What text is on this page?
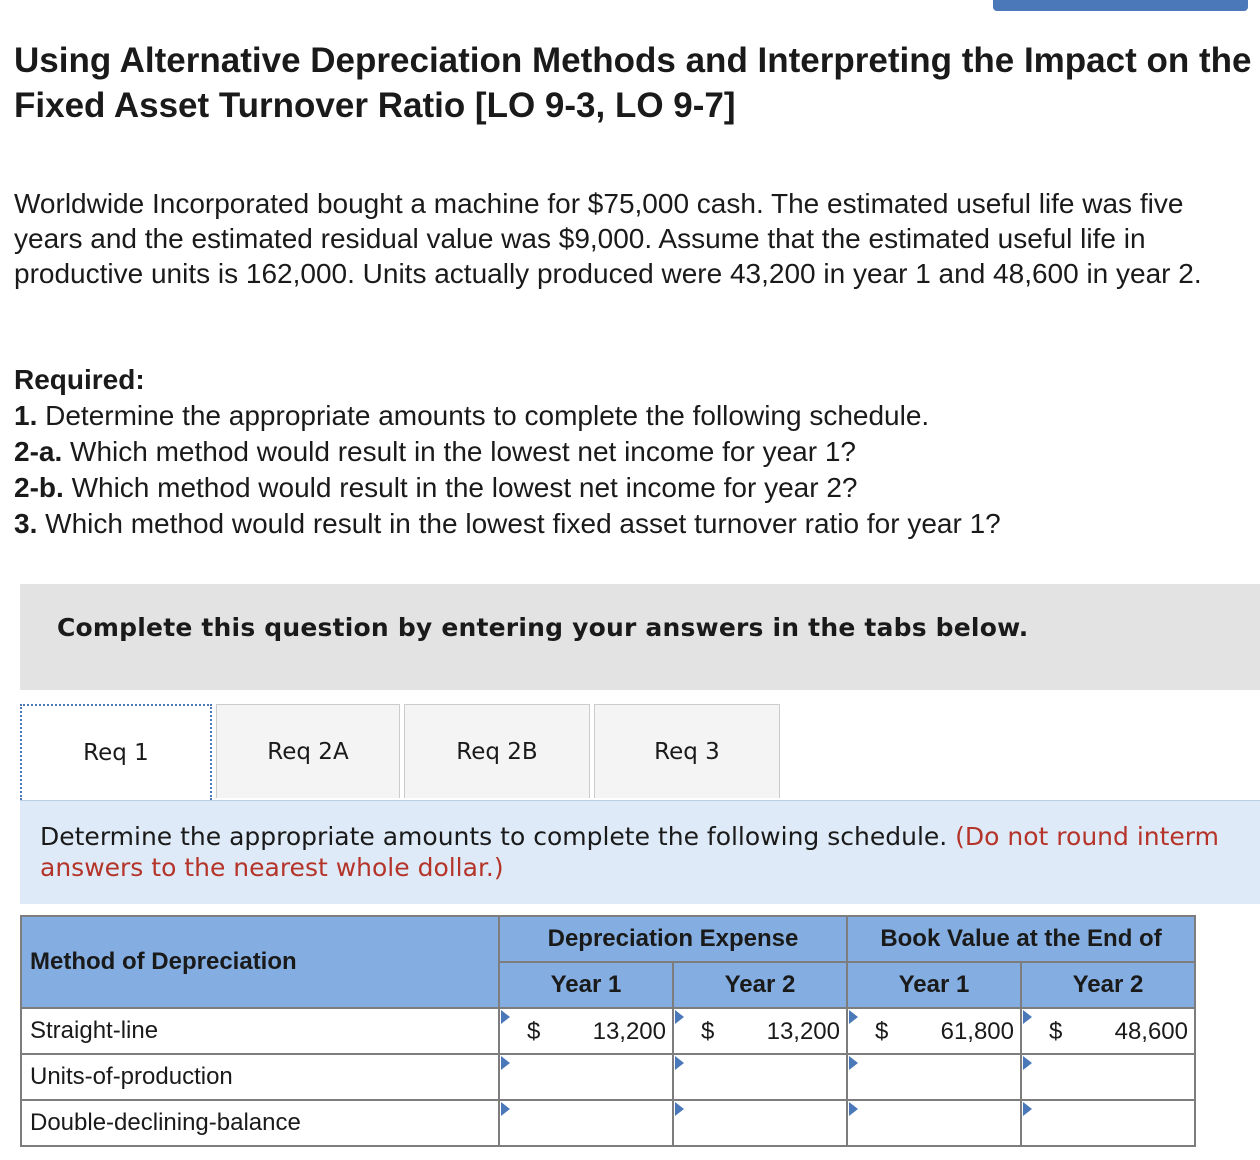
Using Alternative Depreciation Methods and Interpreting the Impact on the Fixed Asset Turnover Ratio [LO 9-3, LO 9-7]
Worldwide Incorporated bought a machine for $75,000 cash. The estimated useful life was five years and the estimated residual value was $9,000. Assume that the estimated useful life in productive units is 162,000. Units actually produced were 43,200 in year 1 and 48,600 in year 2.
Required:
1. Determine the appropriate amounts to complete the following schedule.
2-a. Which method would result in the lowest net income for year 1?
2-b. Which method would result in the lowest net income for year 2?
3. Which method would result in the lowest fixed asset turnover ratio for year 1?
Complete this question by entering your answers in the tabs below.
Req 1	Req 2A	Req 2B	Req 3
Determine the appropriate amounts to complete the following schedule. (Do not round interm
answers to the nearest whole dollar.)
Method of Depreciation	Depreciation Expense		Book Value at the End of	
	Year 1	Year 2	Year 1	Year 2
Straight-line	$ 13,200	$ 13,200	$ 61,800	$ 48,600

Units-of-production	

Double-declining-balance	
